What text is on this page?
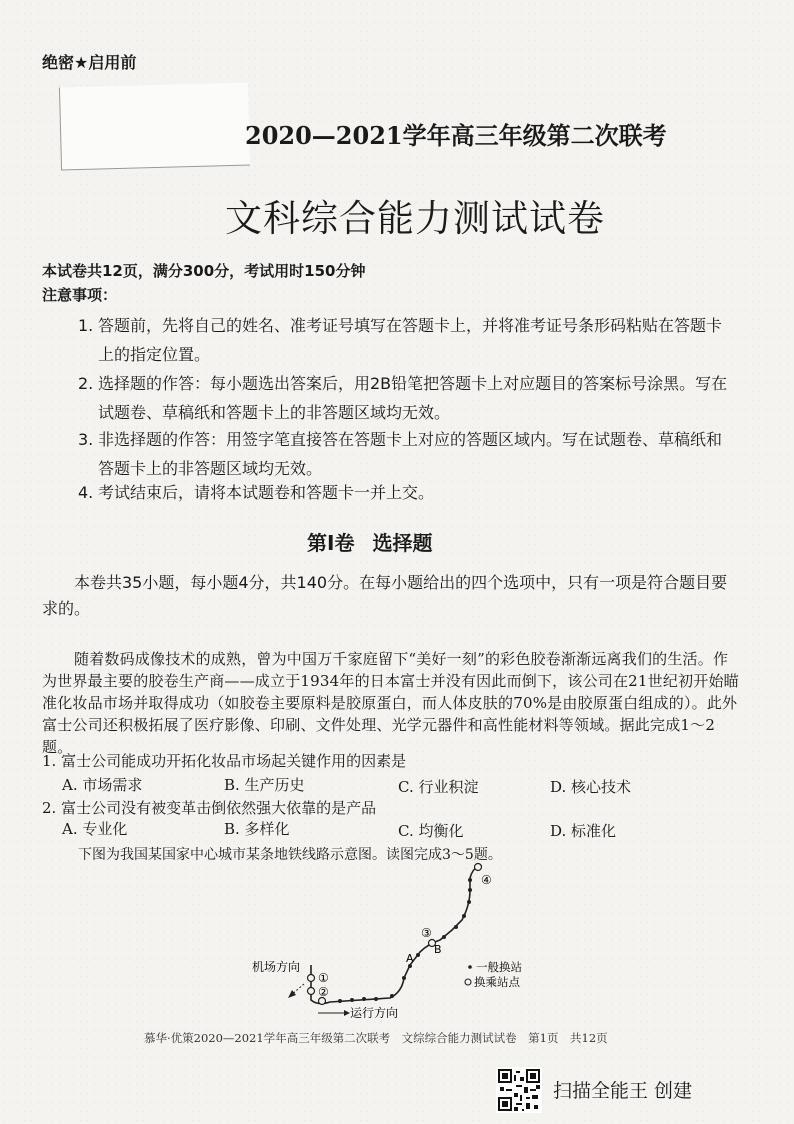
绝密★启用前
2020—2021学年高三年级第二次联考
文科综合能力测试试卷
本试卷共12页，满分300分，考试用时150分钟
注意事项：
1. 答题前，先将自己的姓名、准考证号填写在答题卡上，并将准考证号条形码粘贴在答题卡上的指定位置。
2. 选择题的作答：每小题选出答案后，用2B铅笔把答题卡上对应题目的答案标号涂黑。写在试题卷、草稿纸和答题卡上的非答题区域均无效。
3. 非选择题的作答：用签字笔直接答在答题卡上对应的答题区域内。写在试题卷、草稿纸和答题卡上的非答题区域均无效。
4. 考试结束后，请将本试题卷和答题卡一并上交。
第Ⅰ卷 选择题
本卷共35小题，每小题4分，共140分。在每小题给出的四个选项中，只有一项是符合题目要求的。
随着数码成像技术的成熟，曾为中国万千家庭留下“美好一刻”的彩色胶卷渐渐远离我们的生活。作为世界最主要的胶卷生产商——成立于1934年的日本富士并没有因此而倒下，该公司在21世纪初开始瞄准化妆品市场并取得成功（如胶卷主要原料是胶原蛋白，而人体皮肤的70%是由胶原蛋白组成的）。此外富士公司还积极拓展了医疗影像、印刷、文件处理、光学元器件和高性能材料等领域。据此完成1～2题。
1. 富士公司能成功开拓化妆品市场起关键作用的因素是
A. 市场需求	B. 生产历史	C. 行业积淀	D. 核心技术
2. 富士公司没有被变革击倒依然强大依靠的是产品
A. 专业化	B. 多样化	C. 均衡化	D. 标准化
下图为我国某国家中心城市某条地铁线路示意图。读图完成3～5题。
①
②
③
④
A
B
机场方向
运行方向
一般换站
换乘站点
慕华·优策2020—2021学年高三年级第二次联考　文综综合能力测试试卷　第1页　共12页
扫描全能王 创建
